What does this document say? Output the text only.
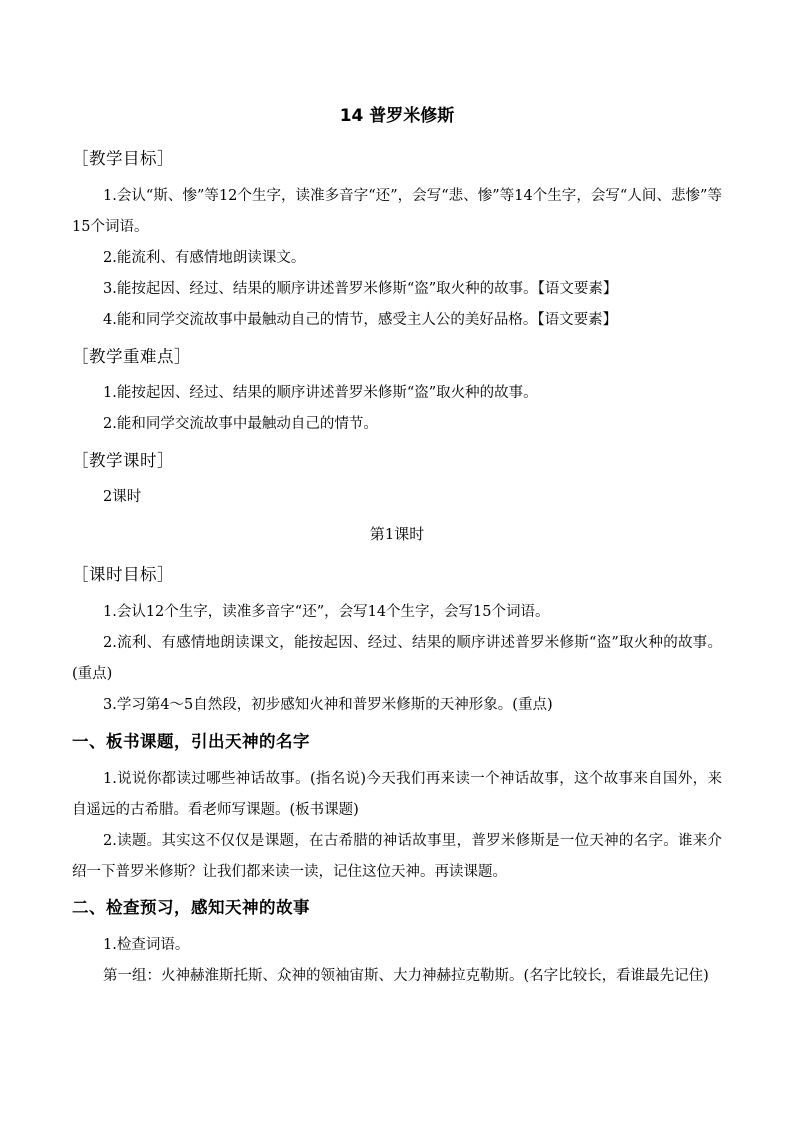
14 普罗米修斯
［教学目标］
1.会认“斯、惨”等12个生字，读准多音字“还”，会写“悲、惨”等14个生字，会写“人间、悲惨”等15个词语。
2.能流利、有感情地朗读课文。
3.能按起因、经过、结果的顺序讲述普罗米修斯“盗”取火种的故事。【语文要素】
4.能和同学交流故事中最触动自己的情节，感受主人公的美好品格。【语文要素】
［教学重难点］
1.能按起因、经过、结果的顺序讲述普罗米修斯“盗”取火种的故事。
2.能和同学交流故事中最触动自己的情节。
［教学课时］
2课时
第1课时
［课时目标］
1.会认12个生字，读准多音字“还”，会写14个生字，会写15个词语。
2.流利、有感情地朗读课文，能按起因、经过、结果的顺序讲述普罗米修斯“盗”取火种的故事。(重点)
3.学习第4～5自然段，初步感知火神和普罗米修斯的天神形象。(重点)
一、板书课题，引出天神的名字
1.说说你都读过哪些神话故事。(指名说)今天我们再来读一个神话故事，这个故事来自国外，来自遥远的古希腊。看老师写课题。(板书课题)
2.读题。其实这不仅仅是课题，在古希腊的神话故事里，普罗米修斯是一位天神的名字。谁来介绍一下普罗米修斯？让我们都来读一读，记住这位天神。再读课题。
二、检查预习，感知天神的故事
1.检查词语。
第一组：火神赫淮斯托斯、众神的领袖宙斯、大力神赫拉克勒斯。(名字比较长，看谁最先记住)
